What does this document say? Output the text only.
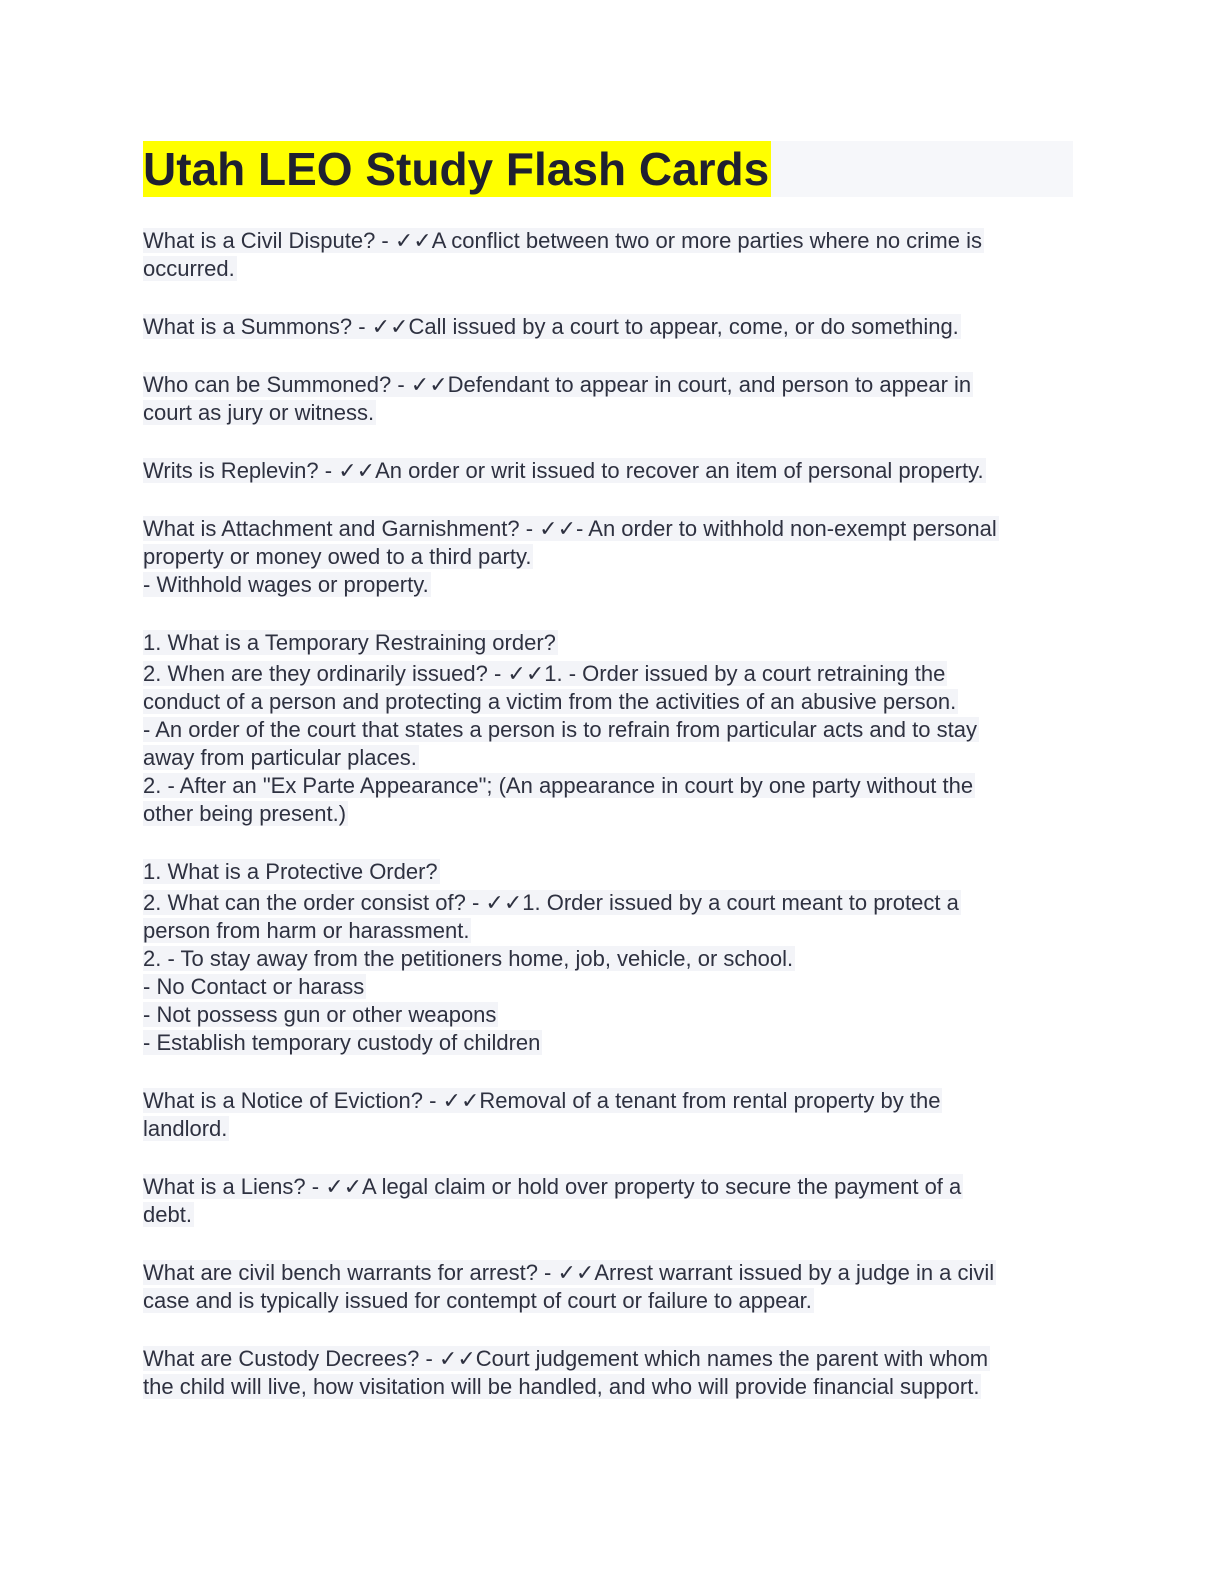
Utah LEO Study Flash Cards
What is a Civil Dispute? - ✓✓A conflict between two or more parties where no crime is
occurred.
What is a Summons? - ✓✓Call issued by a court to appear, come, or do something.
Who can be Summoned? - ✓✓Defendant to appear in court, and person to appear in
court as jury or witness.
Writs is Replevin? - ✓✓An order or writ issued to recover an item of personal property.
What is Attachment and Garnishment? - ✓✓- An order to withhold non-exempt personal
property or money owed to a third party.
- Withhold wages or property.
1. What is a Temporary Restraining order?
2. When are they ordinarily issued? - ✓✓1. - Order issued by a court retraining the
conduct of a person and protecting a victim from the activities of an abusive person.
- An order of the court that states a person is to refrain from particular acts and to stay
away from particular places.
2. - After an "Ex Parte Appearance"; (An appearance in court by one party without the
other being present.)
1. What is a Protective Order?
2. What can the order consist of? - ✓✓1. Order issued by a court meant to protect a
person from harm or harassment.
2. - To stay away from the petitioners home, job, vehicle, or school.
- No Contact or harass
- Not possess gun or other weapons
- Establish temporary custody of children
What is a Notice of Eviction? - ✓✓Removal of a tenant from rental property by the
landlord.
What is a Liens? - ✓✓A legal claim or hold over property to secure the payment of a
debt.
What are civil bench warrants for arrest? - ✓✓Arrest warrant issued by a judge in a civil
case and is typically issued for contempt of court or failure to appear.
What are Custody Decrees? - ✓✓Court judgement which names the parent with whom
the child will live, how visitation will be handled, and who will provide financial support.
